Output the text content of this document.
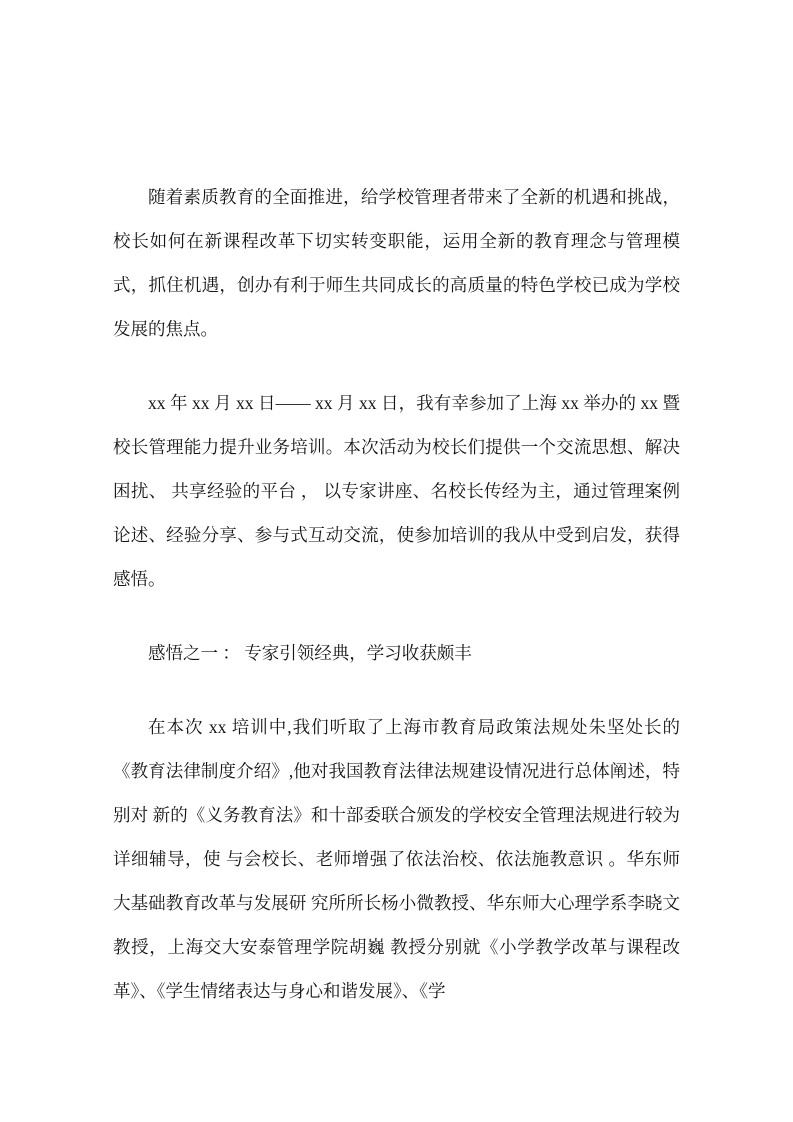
随着素质教育的全面推进，给学校管理者带来了全新的机遇和挑战，校长如何在新课程改革下切实转变职能，运用全新的教育理念与管理模式，抓住机遇，创办有利于师生共同成长的高质量的特色学校已成为学校发展的焦点。

xx 年 xx 月 xx 日—— xx 月 xx 日，我有幸参加了上海 xx 举办的 xx 暨校长管理能力提升业务培训。本次活动为校长们提供一个交流思想、解决困扰、 共享经验的平台 ， 以专家讲座、名校长传经为主，通过管理案例论述、经验分享、参与式互动交流，使参加培训的我从中受到启发，获得感悟。

感悟之一 ： 专家引领经典，学习收获颇丰

在本次 xx 培训中,我们听取了上海市教育局政策法规处朱坚处长的《教育法律制度介绍》,他对我国教育法律法规建设情况进行总体阐述，特别对 新的《义务教育法》和十部委联合颁发的学校安全管理法规进行较为详细辅导，使 与会校长、老师增强了依法治校、依法施教意识 。华东师大基础教育改革与发展研 究所所长杨小微教授、华东师大心理学系李晓文教授，上海交大安泰管理学院胡巍 教授分别就《小学教学改革与课程改革》、《学生情绪表达与身心和谐发展》、《学
